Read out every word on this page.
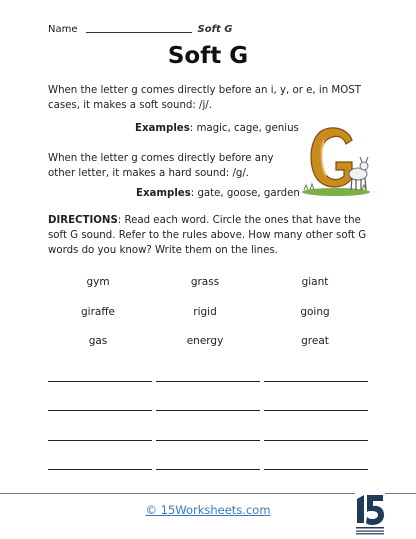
Name	Soft G
Soft G
When the letter g comes directly before an i, y, or e, in MOST cases, it makes a soft sound: /j/.
Examples: magic, cage, genius
When the letter g comes directly before any other letter, it makes a hard sound: /g/.
Examples: gate, goose, garden
DIRECTIONS: Read each word. Circle the ones that have the soft G sound. Refer to the rules above. How many other soft G words do you know? Write them on the lines.
gym	grass	giant
giraffe	rigid	going
gas	energy	great
© 15Worksheets.com
